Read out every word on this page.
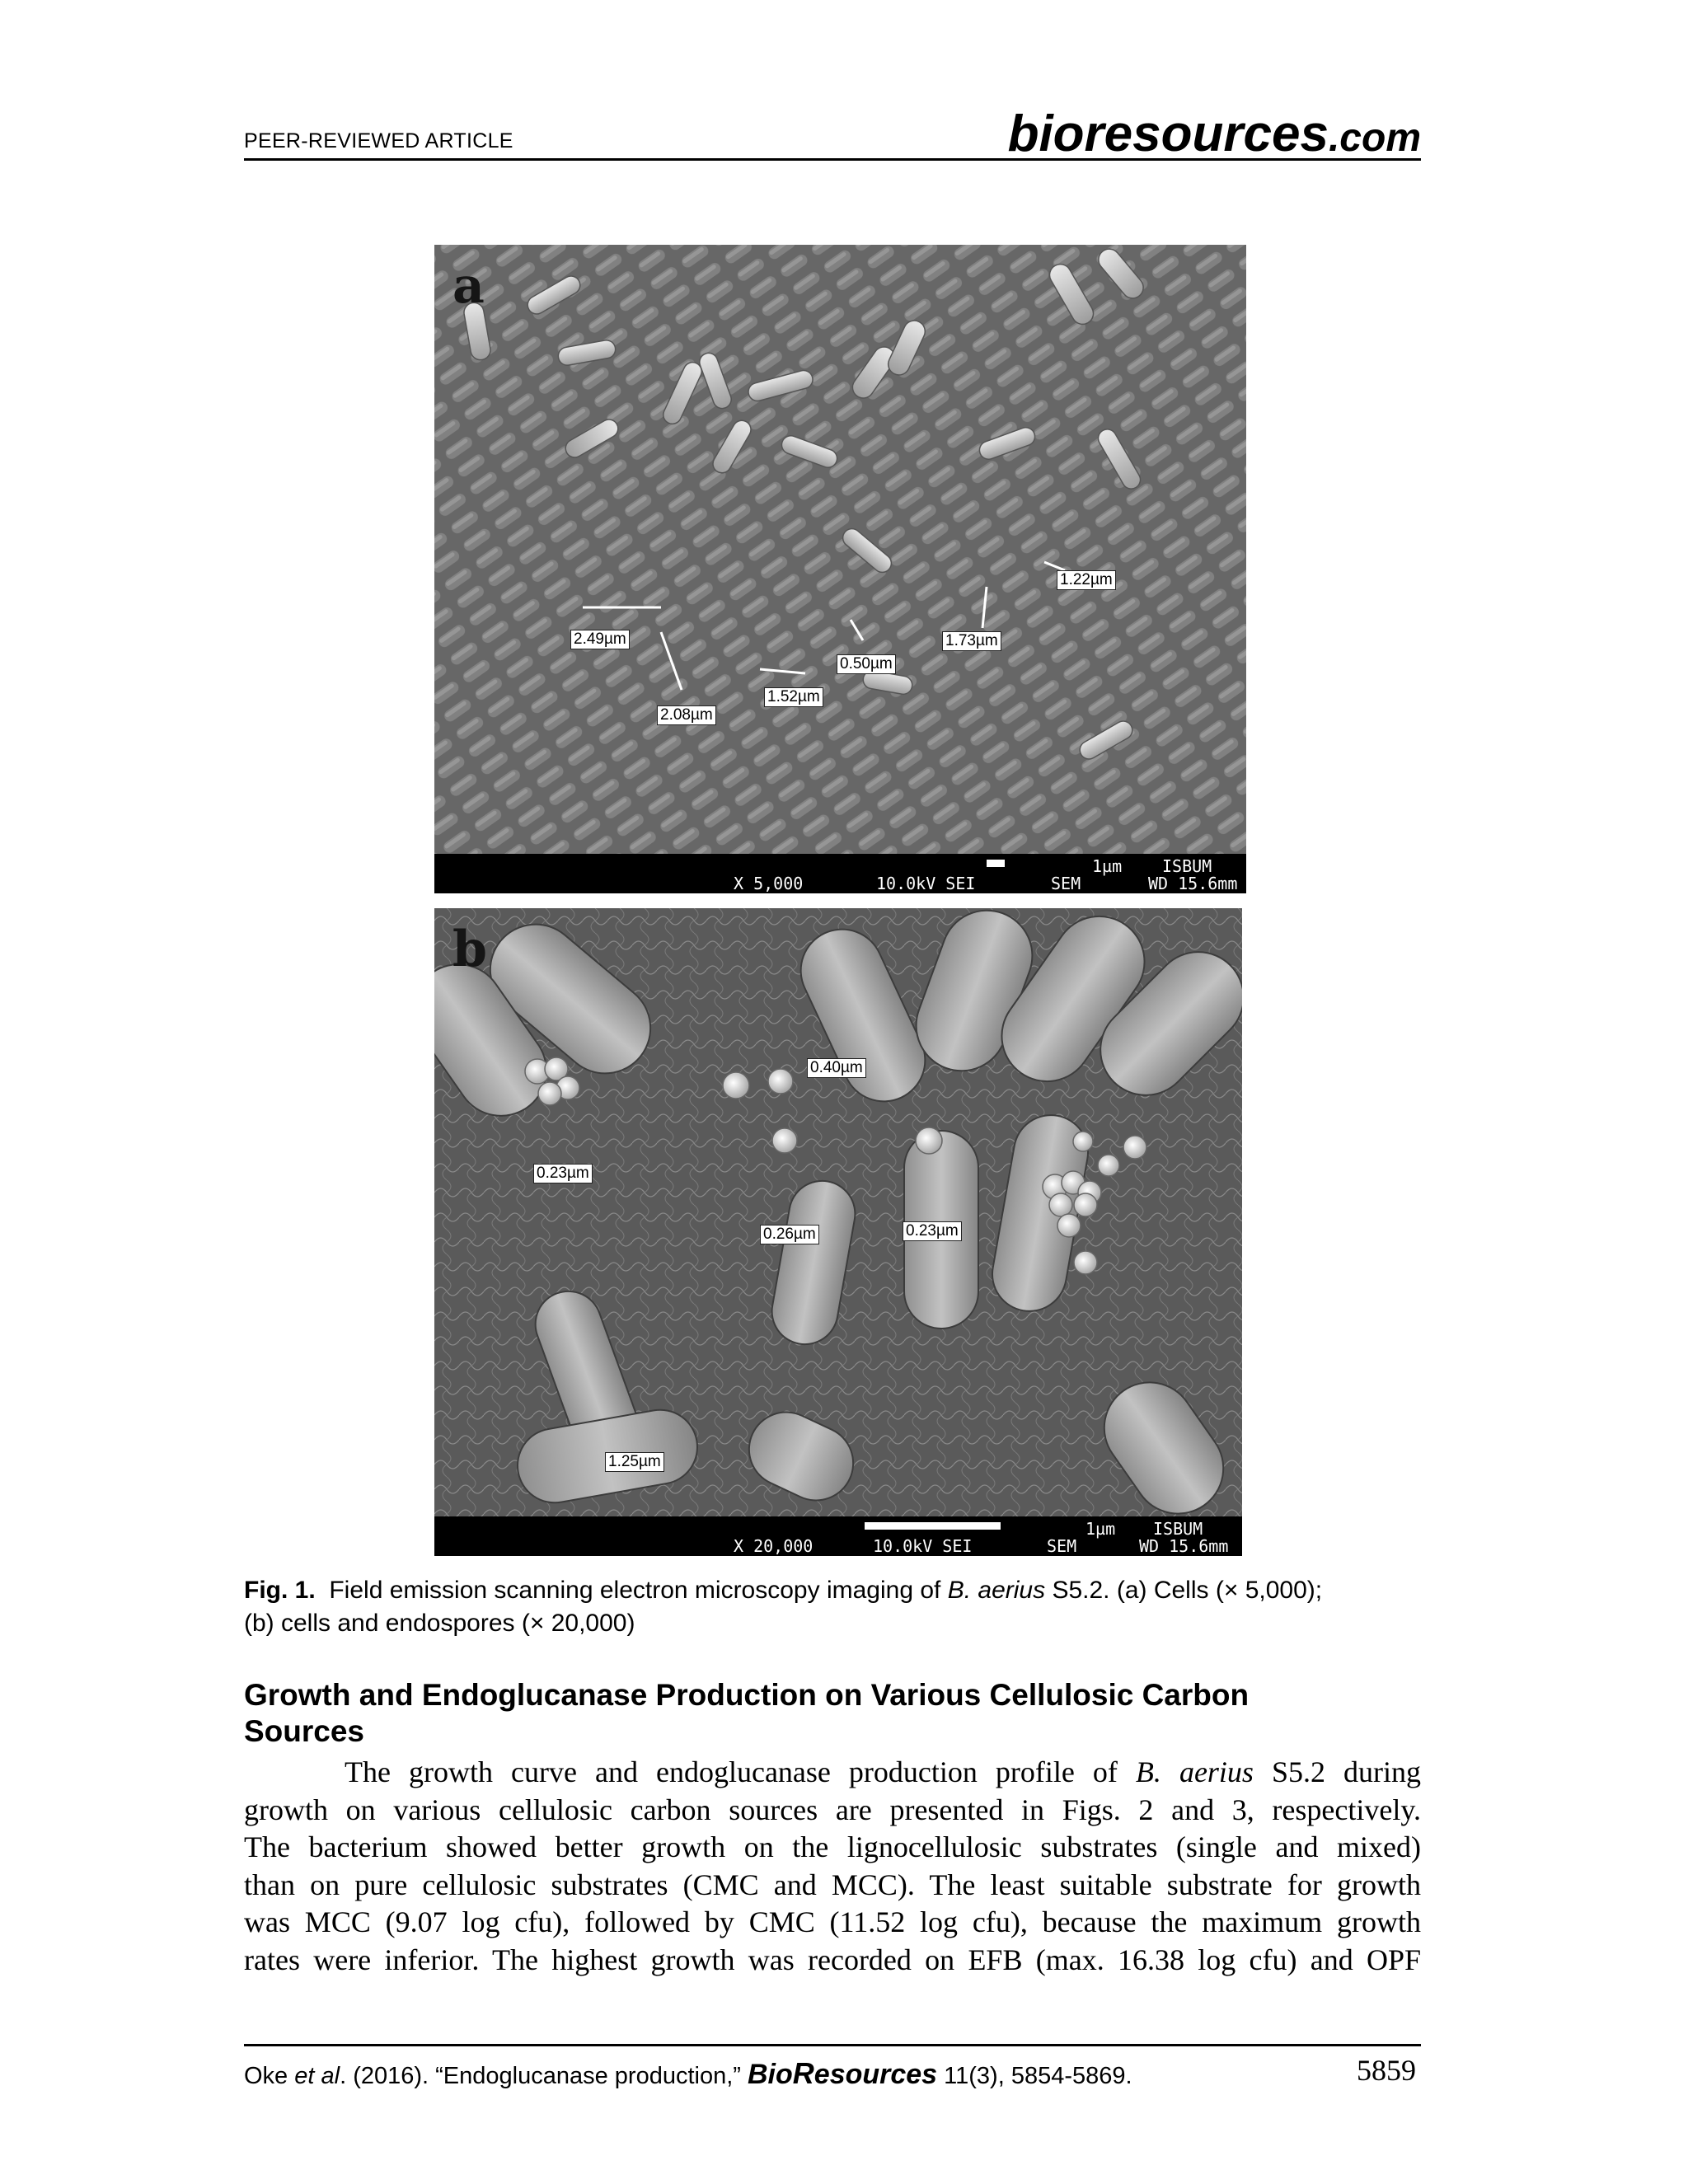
PEER-REVIEWED ARTICLE	bioresources.com
a
1.22µm
2.49µm	1.73µm
0.50µm
1.52µm
2.08µm
1µm ISBUM
X 5,000	10.0kV SEI	SEM	WD 15.6mm
b
0.40µm
0.23µm
0.26µm	0.23µm
1.25µm
1µm ISBUM
X 20,000	10.0kV SEI	SEM	WD 15.6mm
Fig. 1. Field emission scanning electron microscopy imaging of B. aerius S5.2. (a) Cells (× 5,000);
(b) cells and endospores (× 20,000)
Growth and Endoglucanase Production on Various Cellulosic Carbon
Sources
The growth curve and endoglucanase production profile of B. aerius S5.2 during
growth on various cellulosic carbon sources are presented in Figs. 2 and 3, respectively.
The bacterium showed better growth on the lignocellulosic substrates (single and mixed)
than on pure cellulosic substrates (CMC and MCC). The least suitable substrate for growth
was MCC (9.07 log cfu), followed by CMC (11.52 log cfu), because the maximum growth
rates were inferior. The highest growth was recorded on EFB (max. 16.38 log cfu) and OPF
Oke et al. (2016). “Endoglucanase production,” BioResources 11(3), 5854-5869.	5859
